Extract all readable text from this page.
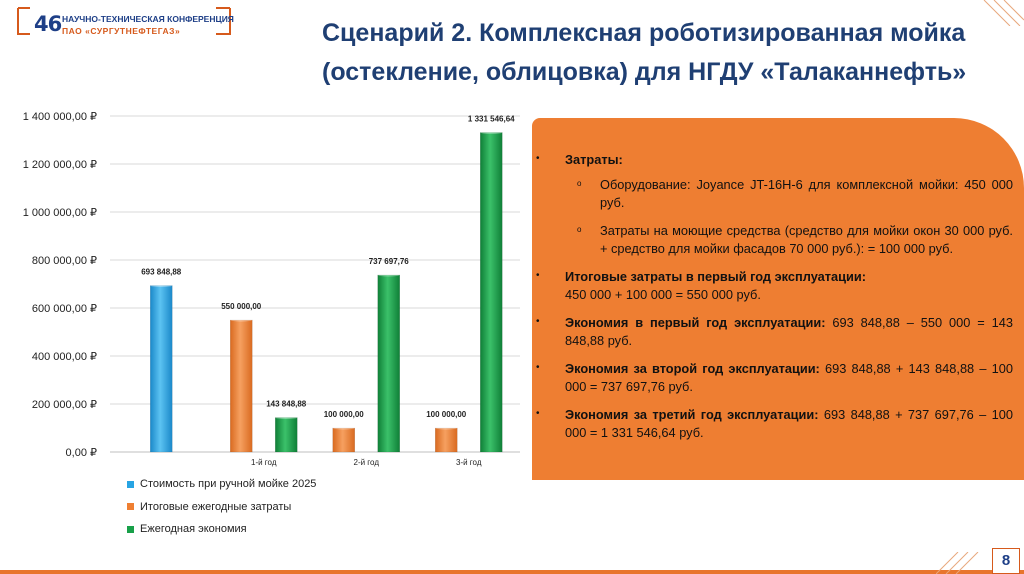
46 НАУЧНО-ТЕХНИЧЕСКАЯ КОНФЕРЕНЦИЯ
ПАО «СУРГУТНЕФТЕГАЗ»	Сценарий 2. Комплексная роботизированная мойка
(остекление, облицовка) для НГДУ «Талаканнефть»
0,00 ₽
200 000,00 ₽
400 000,00 ₽
600 000,00 ₽
800 000,00 ₽
1 000 000,00 ₽
1 200 000,00 ₽
1 400 000,00 ₽
693 848,88
550 000,00
143 848,88
1-й год
100 000,00
737 697,76
2-й год
100 000,00
1 331 546,64
3-й год
Стоимость при ручной мойке 2025
Итоговые ежегодные затраты
Ежегодная экономия
• Затраты:
o Оборудование: Joyance JT-16H-6 для комплексной мойки: 450 000 руб.
o Затраты на моющие средства (средство для мойки окон 30 000 руб. + средство для мойки фасадов 70 000 руб.): = 100 000 руб.
• Итоговые затраты в первый год эксплуатации:
450 000 + 100 000 = 550 000 руб.
• Экономия в первый год эксплуатации: 693 848,88 – 550 000 = 143 848,88 руб.
• Экономия за второй год эксплуатации: 693 848,88 + 143 848,88 – 100 000 = 737 697,76 руб.
• Экономия за третий год эксплуатации: 693 848,88 + 737 697,76 – 100 000 = 1 331 546,64 руб.
8
